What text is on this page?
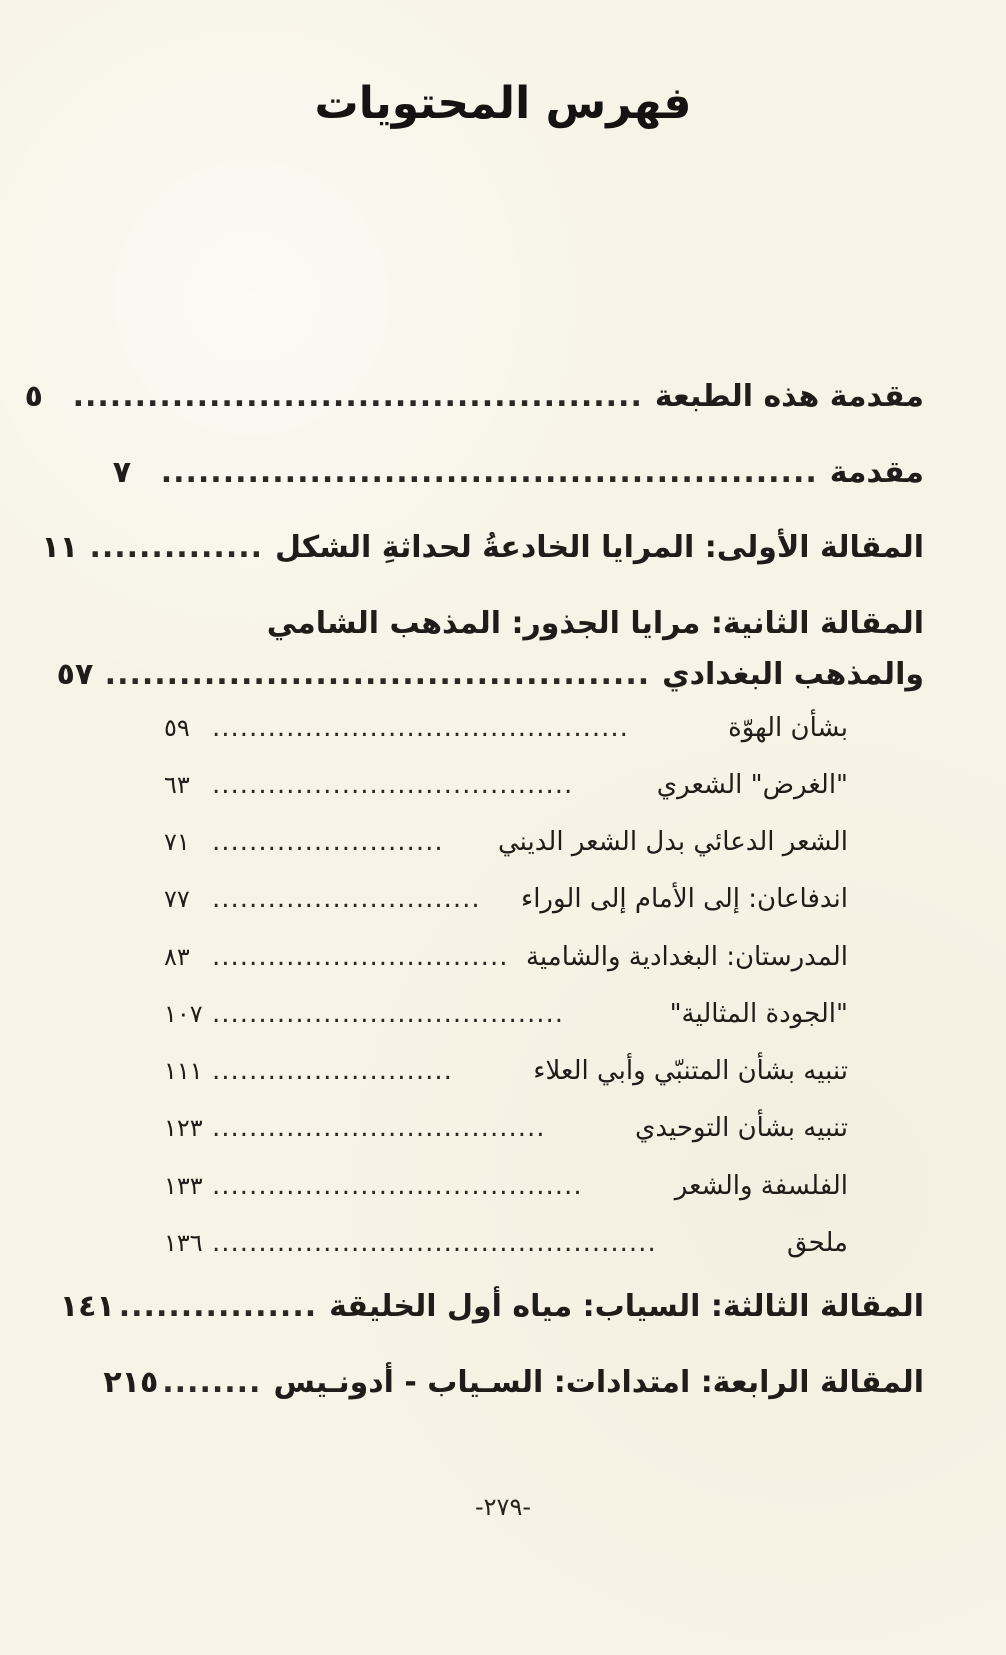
فهرس المحتويات
مقدمة هذه الطبعة
..............................................
٥
مقدمة
.....................................................
٧
المقالة الأولى: المرايا الخادعةُ لحداثةِ الشكل
..............
١١
المقالة الثانية: مرايا الجذور: المذهب الشامي
والمذهب البغدادي
............................................
٥٧
بشأن الهوّة
.............................................
٥٩
"الغرض" الشعري
.......................................
٦٣
الشعر الدعائي بدل الشعر الديني
.........................
٧١
اندفاعان: إلى الأمام إلى الوراء
.............................
٧٧
المدرستان: البغدادية والشامية
................................
٨٣
"الجودة المثالية"
......................................
١٠٧
تنبيه بشأن المتنبّي وأبي العلاء
..........................
١١١
تنبيه بشأن التوحيدي
....................................
١٢٣
الفلسفة والشعر
........................................
١٣٣
ملحق
................................................
١٣٦
المقالة الثالثة: السياب: مياه أول الخليقة
................
١٤١
المقالة الرابعة: امتدادات: السـياب - أدونـيس
........
٢١٥
-٢٧٩-
